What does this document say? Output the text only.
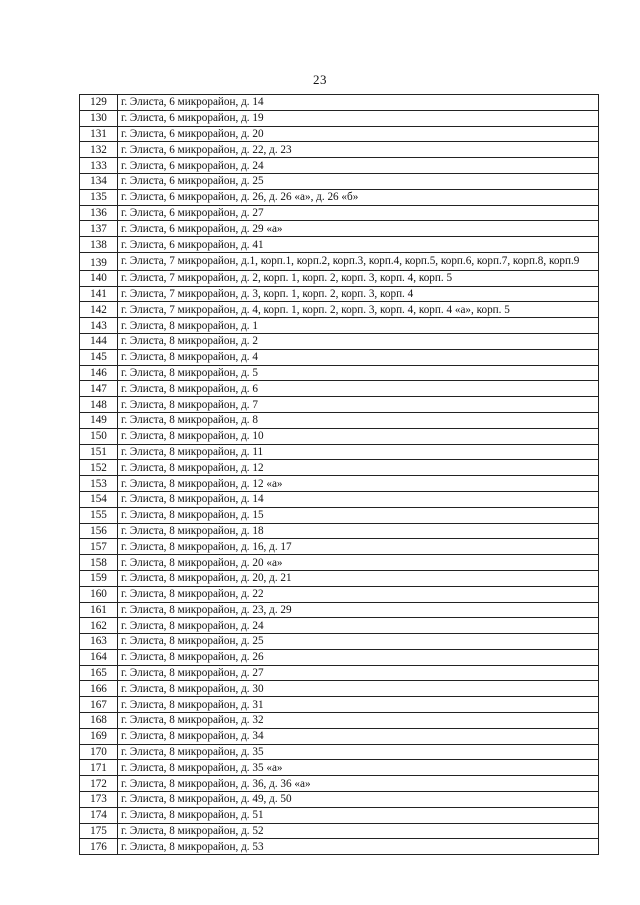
23
129	г. Элиста, 6 микрорайон, д. 14
130	г. Элиста, 6 микрорайон, д. 19
131	г. Элиста, 6 микрорайон, д. 20
132	г. Элиста, 6 микрорайон, д. 22, д. 23
133	г. Элиста, 6 микрорайон, д. 24
134	г. Элиста, 6 микрорайон, д. 25
135	г. Элиста, 6 микрорайон, д. 26, д. 26 «а», д. 26 «б»
136	г. Элиста, 6 микрорайон, д. 27
137	г. Элиста, 6 микрорайон, д. 29 «а»
138	г. Элиста, 6 микрорайон, д. 41
139	г. Элиста, 7 микрорайон, д.1, корп.1, корп.2, корп.3, корп.4, корп.5, корп.6, корп.7, корп.8, корп.9
140	г. Элиста, 7 микрорайон, д. 2, корп. 1, корп. 2, корп. 3, корп. 4, корп. 5
141	г. Элиста, 7 микрорайон, д. 3, корп. 1, корп. 2, корп. 3, корп. 4
142	г. Элиста, 7 микрорайон, д. 4, корп. 1, корп. 2, корп. 3, корп. 4, корп. 4 «а», корп. 5
143	г. Элиста, 8 микрорайон, д. 1
144	г. Элиста, 8 микрорайон, д. 2
145	г. Элиста, 8 микрорайон, д. 4
146	г. Элиста, 8 микрорайон, д. 5
147	г. Элиста, 8 микрорайон, д. 6
148	г. Элиста, 8 микрорайон, д. 7
149	г. Элиста, 8 микрорайон, д. 8
150	г. Элиста, 8 микрорайон, д. 10
151	г. Элиста, 8 микрорайон, д. 11
152	г. Элиста, 8 микрорайон, д. 12
153	г. Элиста, 8 микрорайон, д. 12 «а»
154	г. Элиста, 8 микрорайон, д. 14
155	г. Элиста, 8 микрорайон, д. 15
156	г. Элиста, 8 микрорайон, д. 18
157	г. Элиста, 8 микрорайон, д. 16, д. 17
158	г. Элиста, 8 микрорайон, д. 20 «а»
159	г. Элиста, 8 микрорайон, д. 20, д. 21
160	г. Элиста, 8 микрорайон, д. 22
161	г. Элиста, 8 микрорайон, д. 23, д. 29
162	г. Элиста, 8 микрорайон, д. 24
163	г. Элиста, 8 микрорайон, д. 25
164	г. Элиста, 8 микрорайон, д. 26
165	г. Элиста, 8 микрорайон, д. 27
166	г. Элиста, 8 микрорайон, д. 30
167	г. Элиста, 8 микрорайон, д. 31
168	г. Элиста, 8 микрорайон, д. 32
169	г. Элиста, 8 микрорайон, д. 34
170	г. Элиста, 8 микрорайон, д. 35
171	г. Элиста, 8 микрорайон, д. 35 «а»
172	г. Элиста, 8 микрорайон, д. 36, д. 36 «а»
173	г. Элиста, 8 микрорайон, д. 49, д. 50
174	г. Элиста, 8 микрорайон, д. 51
175	г. Элиста, 8 микрорайон, д. 52
176	г. Элиста, 8 микрорайон, д. 53
